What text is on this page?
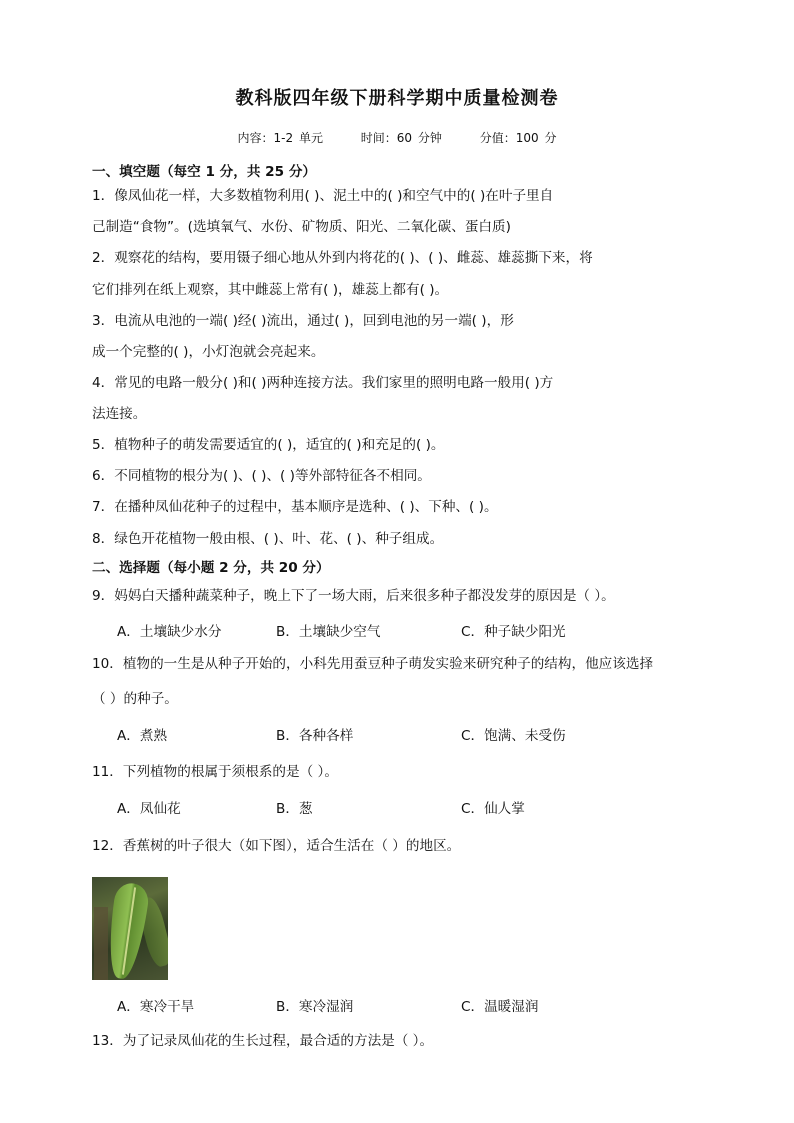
教科版四年级下册科学期中质量检测卷
内容：1-2 单元	时间：60 分钟	分值：100 分
一、填空题（每空 1 分，共 25 分）
1．像凤仙花一样，大多数植物利用( )、泥土中的( )和空气中的( )在叶子里自
己制造“食物”。(选填氧气、水份、矿物质、阳光、二氧化碳、蛋白质)
2．观察花的结构，要用镊子细心地从外到内将花的( )、( )、雌蕊、雄蕊撕下来，将
它们排列在纸上观察，其中雌蕊上常有( )，雄蕊上都有( )。
3．电流从电池的一端( )经( )流出，通过( )，回到电池的另一端( )，形
成一个完整的( )，小灯泡就会亮起来。
4．常见的电路一般分( )和( )两种连接方法。我们家里的照明电路一般用( )方
法连接。
5．植物种子的萌发需要适宜的( )，适宜的( )和充足的( )。
6．不同植物的根分为( )、( )、( )等外部特征各不相同。
7．在播种凤仙花种子的过程中，基本顺序是选种、( )、下种、( )。
8．绿色开花植物一般由根、( )、叶、花、( )、种子组成。
二、选择题（每小题 2 分，共 20 分）
9．妈妈白天播种蔬菜种子，晚上下了一场大雨，后来很多种子都没发芽的原因是（ ）。
A．土壤缺少水分	B．土壤缺少空气	C．种子缺少阳光
10．植物的一生是从种子开始的，小科先用蚕豆种子萌发实验来研究种子的结构，他应该选择
（ ）的种子。
A．煮熟	B．各种各样	C．饱满、未受伤
11．下列植物的根属于须根系的是（ ）。
A．凤仙花	B．葱	C．仙人掌
12．香蕉树的叶子很大（如下图），适合生活在（ ）的地区。
A．寒冷干旱	B．寒冷湿润	C．温暖湿润
13．为了记录凤仙花的生长过程，最合适的方法是（ ）。
